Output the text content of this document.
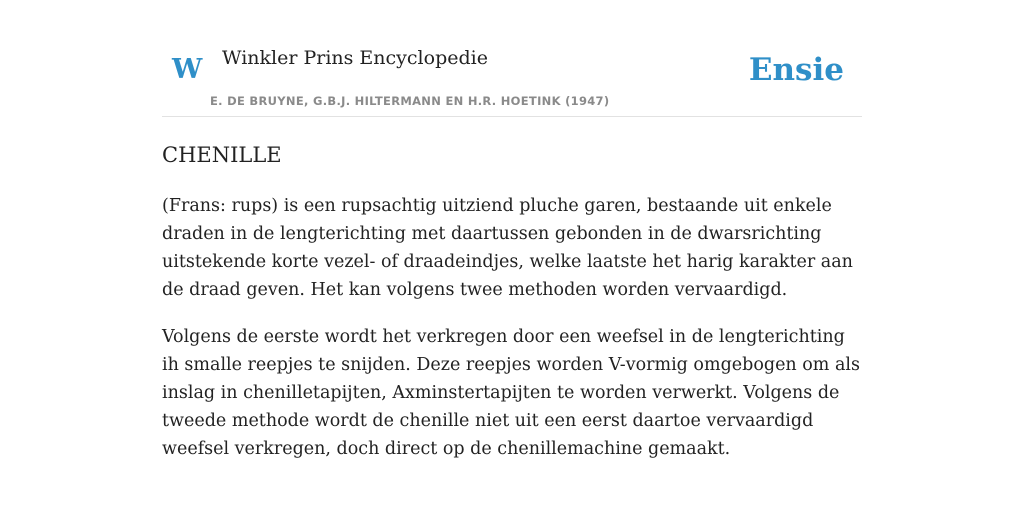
W Winkler Prins Encyclopedie
E. DE BRUYNE, G.B.J. HILTERMANN EN H.R. HOETINK (1947)
Ensie
CHENILLE

(Frans: rups) is een rupsachtig uitziend pluche garen, bestaande uit enkele draden in de lengterichting met daartussen gebonden in de dwarsrichting uitstekende korte vezel- of draadeindjes, welke laatste het harig karakter aan de draad geven. Het kan volgens twee methoden worden vervaardigd.

Volgens de eerste wordt het verkregen door een weefsel in de lengterichting ih smalle reepjes te snijden. Deze reepjes worden V-vormig omgebogen om als inslag in chenilletapijten, Axminstertapijten te worden verwerkt. Volgens de tweede methode wordt de chenille niet uit een eerst daartoe vervaardigd weefsel verkregen, doch direct op de chenillemachine gemaakt.
